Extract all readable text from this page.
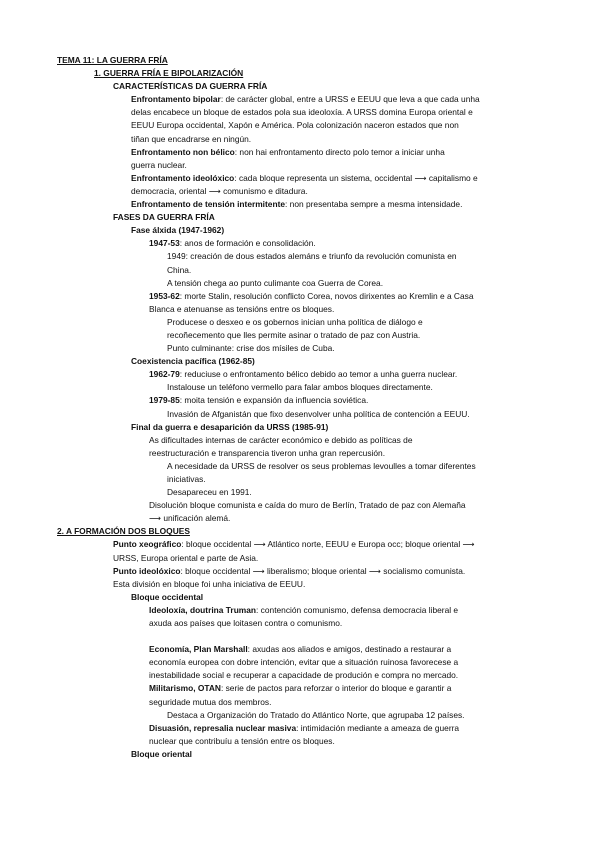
TEMA 11: LA GUERRA FRÍA
1. GUERRA FRÍA E BIPOLARIZACIÓN
CARACTERÍSTICAS DA GUERRA FRÍA
Enfrontamento bipolar: de carácter global, entre a URSS e EEUU que leva a que cada unha
delas encabece un bloque de estados pola sua ideoloxía. A URSS domina Europa oriental e
EEUU Europa occidental, Xapón e América. Pola colonización naceron estados que non
tiñan que encadrarse en ningún.
Enfrontamento non bélico: non hai enfrontamento directo polo temor a iniciar unha
guerra nuclear.
Enfrontamento ideolóxico: cada bloque representa un sistema, occidental ⟶ capitalismo e
democracia, oriental ⟶ comunismo e ditadura.
Enfrontamento de tensión intermitente: non presentaba sempre a mesma intensidade.
FASES DA GUERRA FRÍA
Fase álxida (1947-1962)
1947-53: anos de formación e consolidación.
1949: creación de dous estados alemáns e triunfo da revolución comunista en
China.
A tensión chega ao punto culimante coa Guerra de Corea.
1953-62: morte Stalin, resolución conflicto Corea, novos dirixentes ao Kremlin e a Casa
Blanca e atenuanse as tensións entre os bloques.
Producese o desxeo e os gobernos inician unha política de diálogo e
recoñecemento que lles permite asinar o tratado de paz con Austria.
Punto culminante: crise dos mísiles de Cuba.
Coexistencia pacífica (1962-85)
1962-79: reduciuse o enfrontamento bélico debido ao temor a unha guerra nuclear.
Instalouse un teléfono vermello para falar ambos bloques directamente.
1979-85: moita tensión e expansión da influencia soviética.
Invasión de Afganistán que fixo desenvolver unha política de contención a EEUU.
Final da guerra e desaparición da URSS (1985-91)
As dificultades internas de carácter económico e debido as políticas de
reestructuración e transparencia tiveron unha gran repercusión.
A necesidade da URSS de resolver os seus problemas levoulles a tomar diferentes
iniciativas.
Desapareceu en 1991.
Disolución bloque comunista e caída do muro de Berlín, Tratado de paz con Alemaña
⟶ unificación alemá.
2. A FORMACIÓN DOS BLOQUES
Punto xeográfico: bloque occidental ⟶ Atlántico norte, EEUU e Europa occ; bloque oriental ⟶
URSS, Europa oriental e parte de Asia.
Punto ideolóxico: bloque occidental ⟶ liberalismo; bloque oriental ⟶ socialismo comunista.
Esta división en bloque foi unha iniciativa de EEUU.
Bloque occidental
Ideoloxía, doutrina Truman: contención comunismo, defensa democracia liberal e
axuda aos países que loitasen contra o comunismo.
Economía, Plan Marshall: axudas aos aliados e amigos, destinado a restaurar a
economía europea con dobre intención, evitar que a situación ruinosa favorecese a
inestabilidade social e recuperar a capacidade de produción e compra no mercado.
Militarismo, OTAN: serie de pactos para reforzar o interior do bloque e garantir a
seguridade mutua dos membros.
Destaca a Organización do Tratado do Atlántico Norte, que agrupaba 12 países.
Disuasión, represalia nuclear masiva: intimidación mediante a ameaza de guerra
nuclear que contribuíu a tensión entre os bloques.
Bloque oriental
